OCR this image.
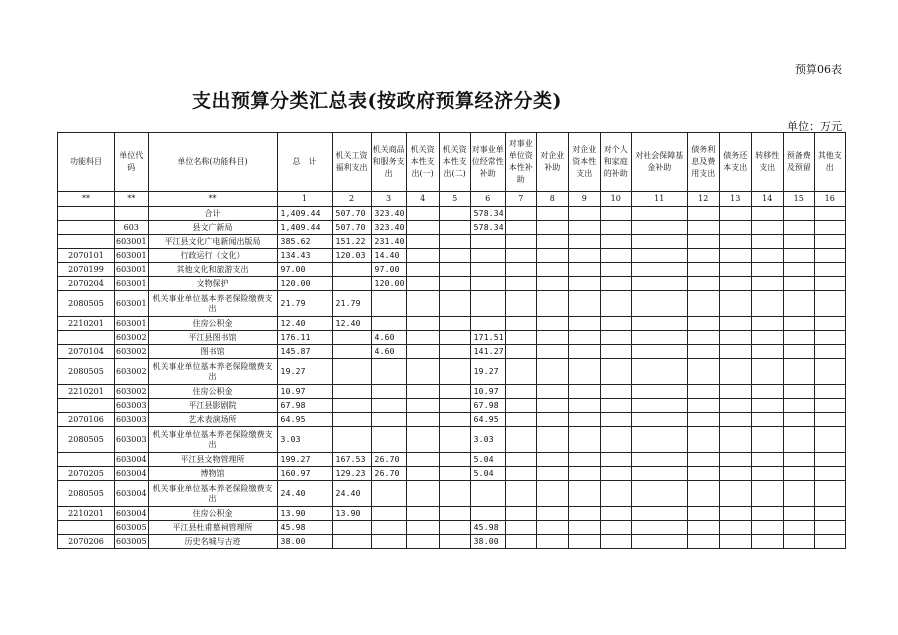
预算06表
支出预算分类汇总表(按政府预算经济分类)
单位：万元
功能科目	单位代码	单位名称(功能科目)	总　计	机关工资福利支出	机关商品和服务支出	机关资本性支出(一)	机关资本性支出(二)	对事业单位经常性补助	对事业单位资本性补助	对企业补助	对企业资本性支出	对个人和家庭的补助	对社会保障基金补助	债务利息及费用支出	债务还本支出	转移性支出	预备费及预留	其他支出
**	**	**	1	2	3	4	5	6	7	8	9	10	11	12	13	14	15	16
		合计	1,409.44	507.70	323.40			578.34										
	603	县文广新局	1,409.44	507.70	323.40			578.34										
	603001	平江县文化广电新闻出版局	385.62	151.22	231.40													
2070101	603001	行政运行（文化）	134.43	120.03	14.40													
2070199	603001	其他文化和旅游支出	97.00		97.00													
2070204	603001	文物保护	120.00		120.00													
2080505	603001	机关事业单位基本养老保险缴费支出	21.79	21.79														
2210201	603001	住房公积金	12.40	12.40														
	603002	平江县图书馆	176.11		4.60			171.51										
2070104	603002	图书馆	145.87		4.60			141.27										
2080505	603002	机关事业单位基本养老保险缴费支出	19.27					19.27										
2210201	603002	住房公积金	10.97					10.97										
	603003	平江县影剧院	67.98					67.98										
2070106	603003	艺术表演场所	64.95					64.95										
2080505	603003	机关事业单位基本养老保险缴费支出	3.03					3.03										
	603004	平江县文物管理所	199.27	167.53	26.70			5.04										
2070205	603004	博物馆	160.97	129.23	26.70			5.04										
2080505	603004	机关事业单位基本养老保险缴费支出	24.40	24.40														
2210201	603004	住房公积金	13.90	13.90														
	603005	平江县杜甫墓祠管理所	45.98					45.98										
2070206	603005	历史名城与古迹	38.00					38.00										
